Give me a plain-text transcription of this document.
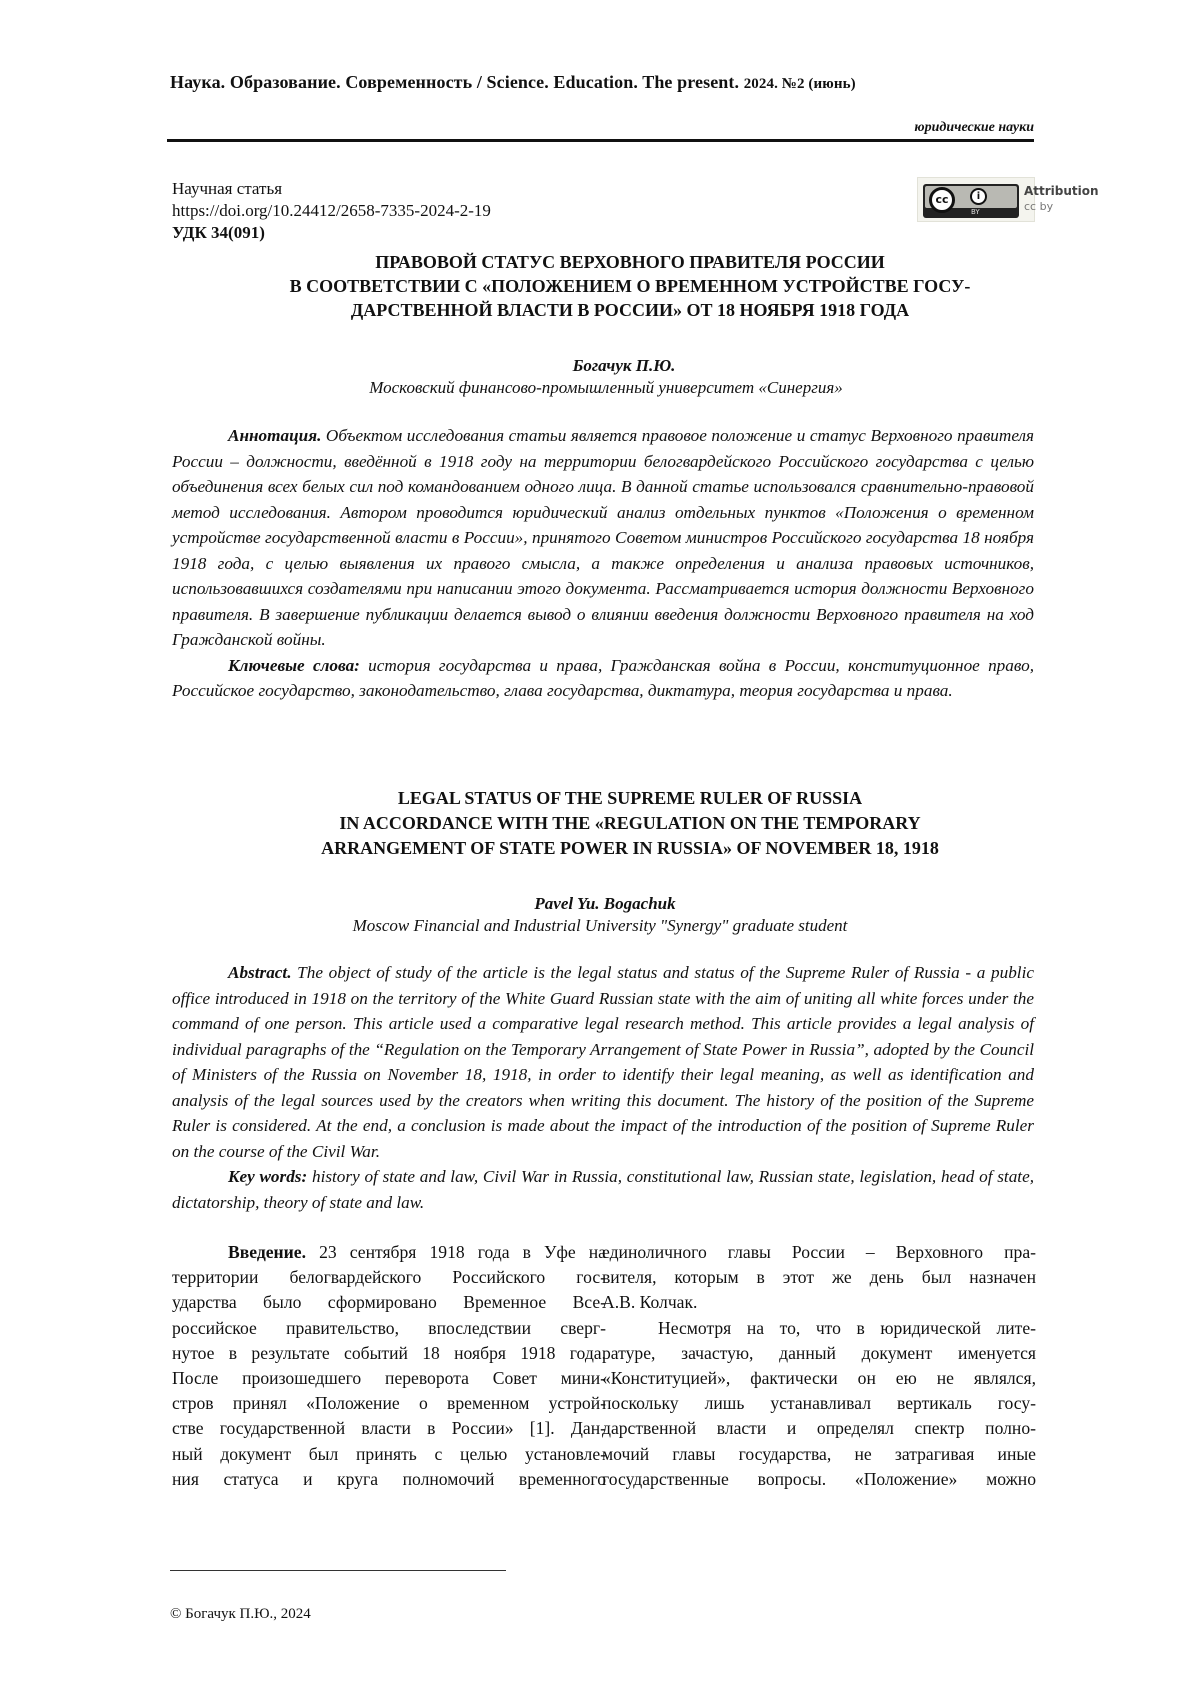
Наука. Образование. Современность / Science. Education. The present. 2024. №2 (июнь)
юридические науки
Научная статья
https://doi.org/10.24412/2658-7335-2024-2-19
УДК 34(091)
cc	i
BY
Attribution
cc by
ПРАВОВОЙ СТАТУС ВЕРХОВНОГО ПРАВИТЕЛЯ РОССИИ
В СООТВЕТСТВИИ С «ПОЛОЖЕНИЕМ О ВРЕМЕННОМ УСТРОЙСТВЕ ГОСУ-
ДАРСТВЕННОЙ ВЛАСТИ В РОССИИ» ОТ 18 НОЯБРЯ 1918 ГОДА
Богачук П.Ю.
Московский финансово-промышленный университет «Синергия»
Аннотация. Объектом исследования статьи является правовое положение и статус Верховного правителя России – должности, введённой в 1918 году на территории белогвардейского Российского государства с целью объединения всех белых сил под командованием одного лица. В данной статье использовался сравнительно-правовой метод исследования. Автором проводится юридический анализ отдельных пунктов «Положения о временном устройстве государственной власти в России», принятого Советом министров Российского государства 18 ноября 1918 года, с целью выявления их правого смысла, а также определения и анализа правовых источников, использовавшихся создателями при написании этого документа. Рассматривается история должности Верховного правителя. В завершение публикации делается вывод о влиянии введения должности Верховного правителя на ход Гражданской войны.
Ключевые слова: история государства и права, Гражданская война в России, конституционное право, Российское государство, законодательство, глава государства, диктатура, теория государства и права.
LEGAL STATUS OF THE SUPREME RULER OF RUSSIA
IN ACCORDANCE WITH THE «REGULATION ON THE TEMPORARY
ARRANGEMENT OF STATE POWER IN RUSSIA» OF NOVEMBER 18, 1918
Pavel Yu. Bogachuk
Moscow Financial and Industrial University "Synergy" graduate student
Abstract. The object of study of the article is the legal status and status of the Supreme Ruler of Russia - a public office introduced in 1918 on the territory of the White Guard Russian state with the aim of uniting all white forces under the command of one person. This article used a comparative legal research method. This article provides a legal analysis of individual paragraphs of the “Regulation on the Temporary Arrangement of State Power in Russia”, adopted by the Council of Ministers of the Russia on November 18, 1918, in order to identify their legal meaning, as well as identification and analysis of the legal sources used by the creators when writing this document. The history of the position of the Supreme Ruler is considered. At the end, a conclusion is made about the impact of the introduction of the position of Supreme Ruler on the course of the Civil War.
Key words: history of state and law, Civil War in Russia, constitutional law, Russian state, legislation, head of state, dictatorship, theory of state and law.

Введение. 23 сентября 1918 года в Уфе на

территории белогвардейского Российского гос-

ударства было сформировано Временное Все-

российское правительство, впоследствии сверг-

нутое в результате событий 18 ноября 1918 года.

После произошедшего переворота Совет мини-

стров принял «Положение о временном устрой-

стве государственной власти в России» [1]. Дан-

ный документ был принять с целью установле-

ния статуса и круга полномочий временного

единоличного главы России – Верховного пра-

вителя, которым в этот же день был назначен

А.В. Колчак.

Несмотря на то, что в юридической лите-

ратуре, зачастую, данный документ именуется

«Конституцией», фактически он ею не являлся,

поскольку лишь устанавливал вертикаль госу-

дарственной власти и определял спектр полно-

мочий главы государства, не затрагивая иные

государственные вопросы. «Положение» можно

© Богачук П.Ю., 2024
